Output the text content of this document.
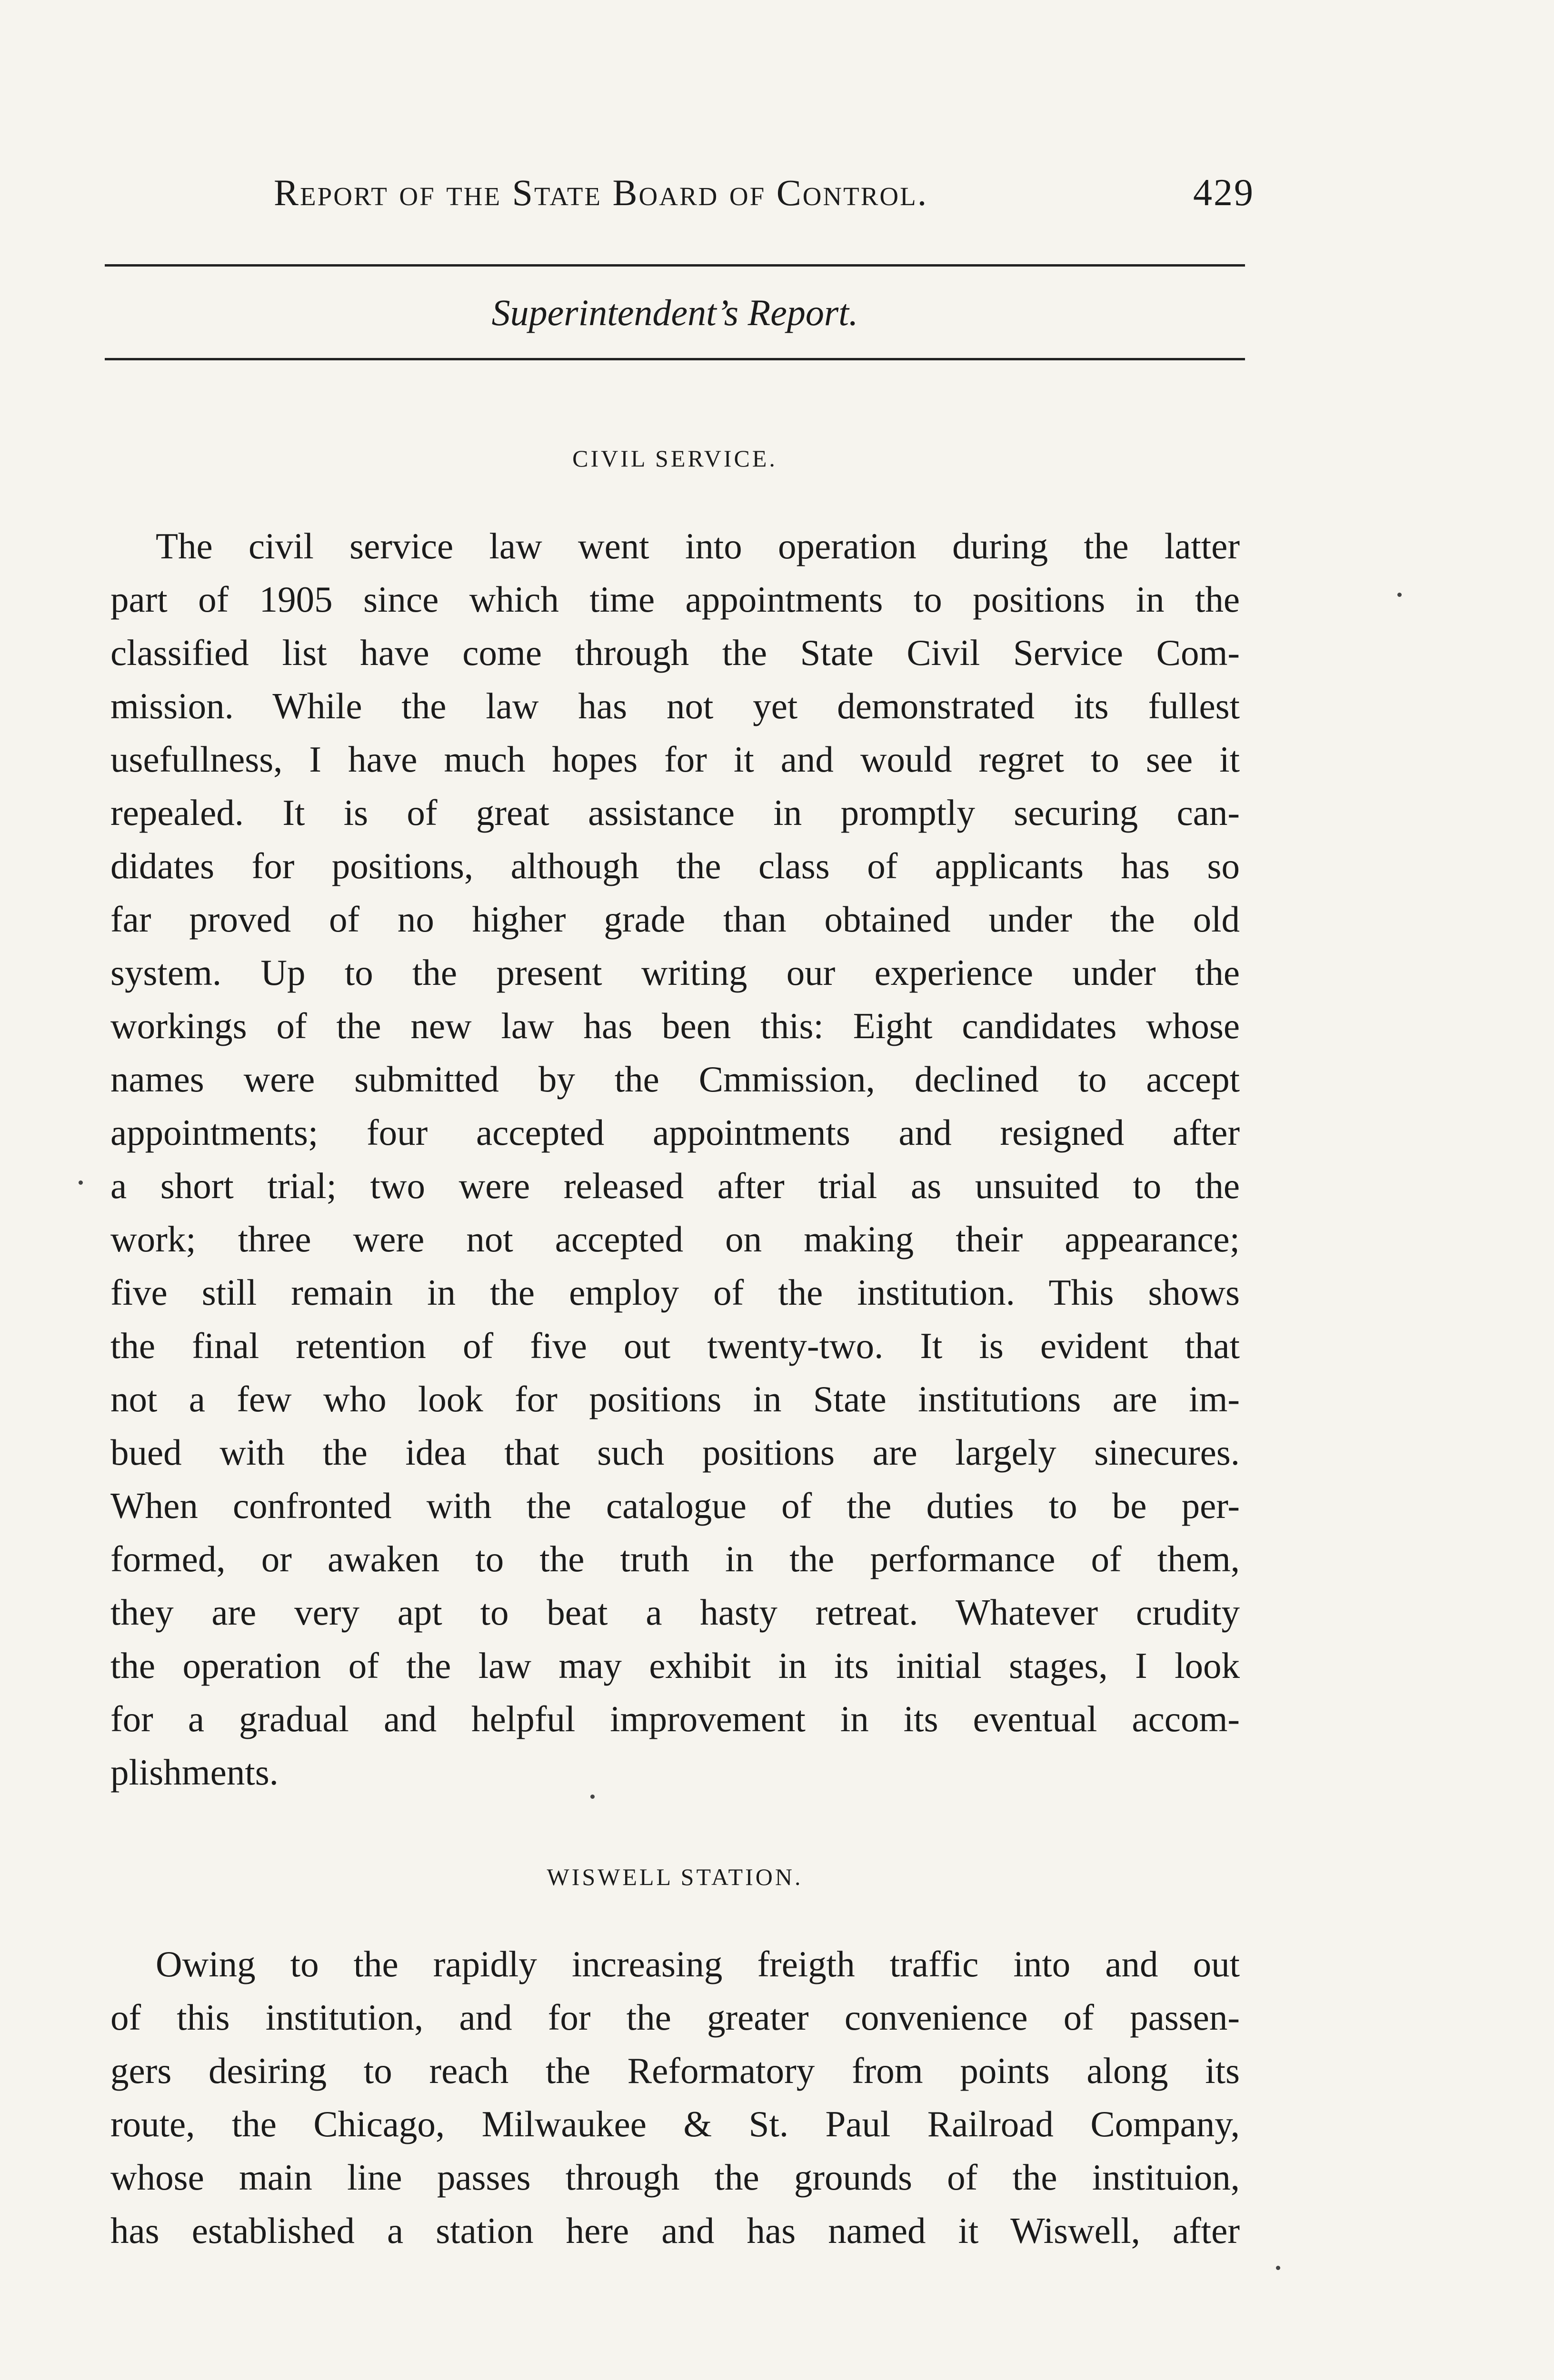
Report of the State Board of Control.	429
Superintendent’s Report.
CIVIL SERVICE.
The civil service law went into operation during the latter
part of 1905 since which time appointments to positions in the
classified list have come through the State Civil Service Com-
mission. While the law has not yet demonstrated its fullest
usefullness, I have much hopes for it and would regret to see it
repealed. It is of great assistance in promptly securing can-
didates for positions, although the class of applicants has so
far proved of no higher grade than obtained under the old
system. Up to the present writing our experience under the
workings of the new law has been this: Eight candidates whose
names were submitted by the Cmmission, declined to accept
appointments; four accepted appointments and resigned after
a short trial; two were released after trial as unsuited to the
work; three were not accepted on making their appearance;
five still remain in the employ of the institution. This shows
the final retention of five out twenty-two. It is evident that
not a few who look for positions in State institutions are im-
bued with the idea that such positions are largely sinecures.
When confronted with the catalogue of the duties to be per-
formed, or awaken to the truth in the performance of them,
they are very apt to beat a hasty retreat. Whatever crudity
the operation of the law may exhibit in its initial stages, I look
for a gradual and helpful improvement in its eventual accom-
plishments.
WISWELL STATION.
Owing to the rapidly increasing freigth traffic into and out
of this institution, and for the greater convenience of passen-
gers desiring to reach the Reformatory from points along its
route, the Chicago, Milwaukee & St. Paul Railroad Company,
whose main line passes through the grounds of the instituion,
has established a station here and has named it Wiswell, after
